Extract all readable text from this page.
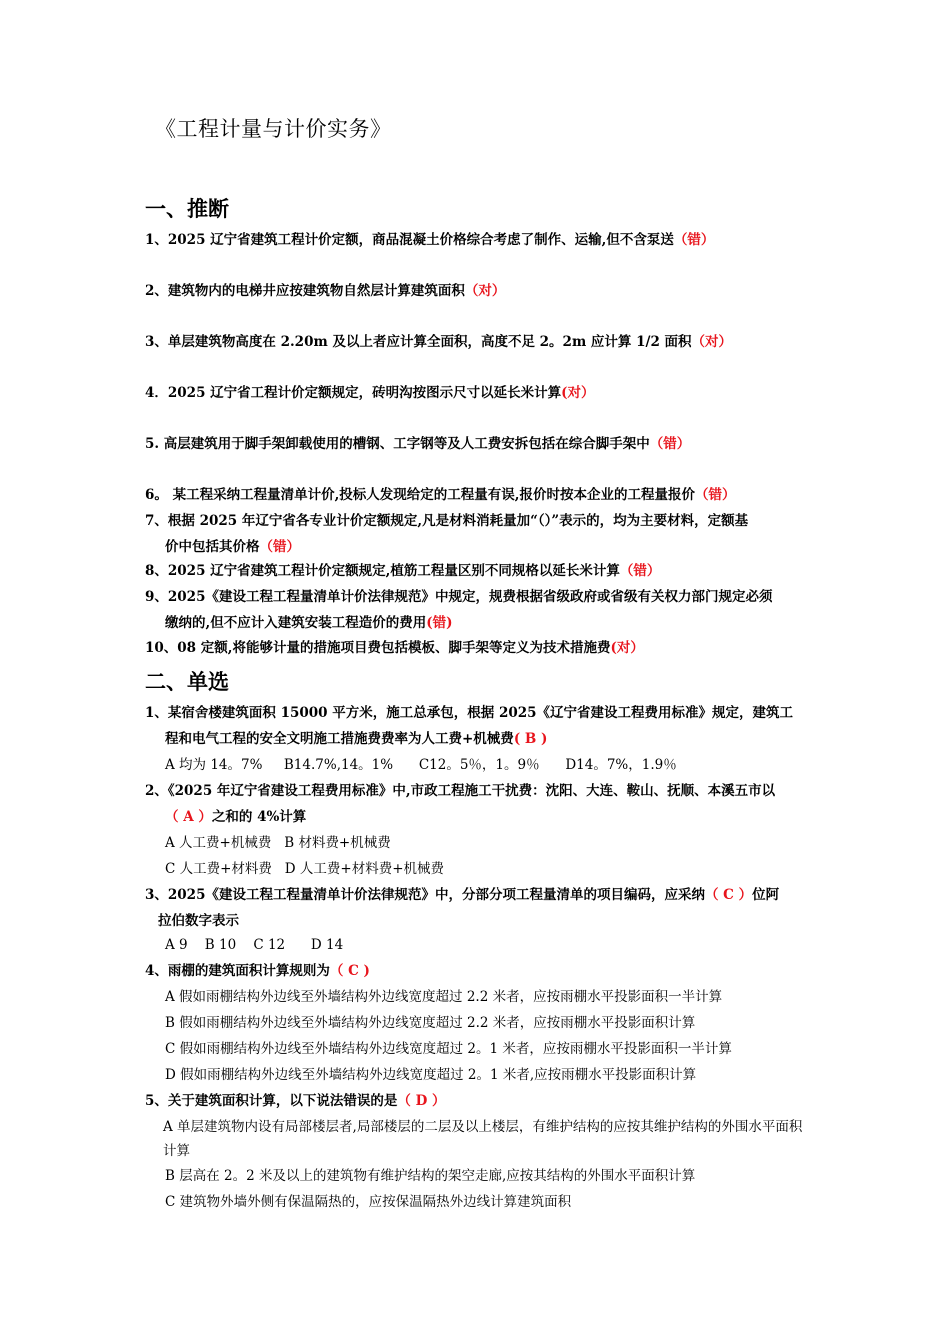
《工程计量与计价实务》
一、推断
1、2025 辽宁省建筑工程计价定额，商品混凝土价格综合考虑了制作、运输,但不含泵送（错）
2、建筑物内的电梯井应按建筑物自然层计算建筑面积（对）
3、单层建筑物高度在 2.20m 及以上者应计算全面积，高度不足 2。2m 应计算 1/2 面积（对）
4．2025 辽宁省工程计价定额规定，砖明沟按图示尺寸以延长米计算(对）
5. 高层建筑用于脚手架卸载使用的槽钢、工字钢等及人工费安拆包括在综合脚手架中（错）
6。 某工程采纳工程量清单计价,投标人发现给定的工程量有误,报价时按本企业的工程量报价（错）
7、根据 2025 年辽宁省各专业计价定额规定,凡是材料消耗量加“（）”表示的，均为主要材料，定额基
价中包括其价格（错）
8、2025 辽宁省建筑工程计价定额规定,植筋工程量区别不同规格以延长米计算（错）
9、2025《建设工程工程量清单计价法律规范》中规定，规费根据省级政府或省级有关权力部门规定必须
缴纳的,但不应计入建筑安装工程造价的费用(错)
10、08 定额,将能够计量的措施项目费包括模板、脚手架等定义为技术措施费(对）
二、单选
1、某宿舍楼建筑面积 15000 平方米，施工总承包，根据 2025《辽宁省建设工程费用标准》规定，建筑工
程和电气工程的安全文明施工措施费费率为人工费+机械费( B )
A 均为 14。7%     B14.7%,14。1%      C12。5％，1。9％      D14。7%，1.9％
2、《2025 年辽宁省建设工程费用标准》中,市政工程施工干扰费：沈阳、大连、鞍山、抚顺、本溪五市以
（ A ）之和的 4%计算
A 人工费+机械费   B 材料费+机械费
C 人工费+材料费   D 人工费+材料费+机械费
3、2025《建设工程工程量清单计价法律规范》中，分部分项工程量清单的项目编码，应采纳（ C ）位阿
拉伯数字表示
A 9    B 10    C 12      D 14
4、雨棚的建筑面积计算规则为（ C )
A 假如雨棚结构外边线至外墙结构外边线宽度超过 2.2 米者，应按雨棚水平投影面积一半计算
B 假如雨棚结构外边线至外墙结构外边线宽度超过 2.2 米者，应按雨棚水平投影面积计算
C 假如雨棚结构外边线至外墙结构外边线宽度超过 2。1 米者，应按雨棚水平投影面积一半计算
D 假如雨棚结构外边线至外墙结构外边线宽度超过 2。1 米者,应按雨棚水平投影面积计算
5、关于建筑面积计算，以下说法错误的是（ D ）
A 单层建筑物内设有局部楼层者,局部楼层的二层及以上楼层，有维护结构的应按其维护结构的外围水平面积计算
B 层高在 2。2 米及以上的建筑物有维护结构的架空走廊,应按其结构的外围水平面积计算
C 建筑物外墙外侧有保温隔热的，应按保温隔热外边线计算建筑面积
